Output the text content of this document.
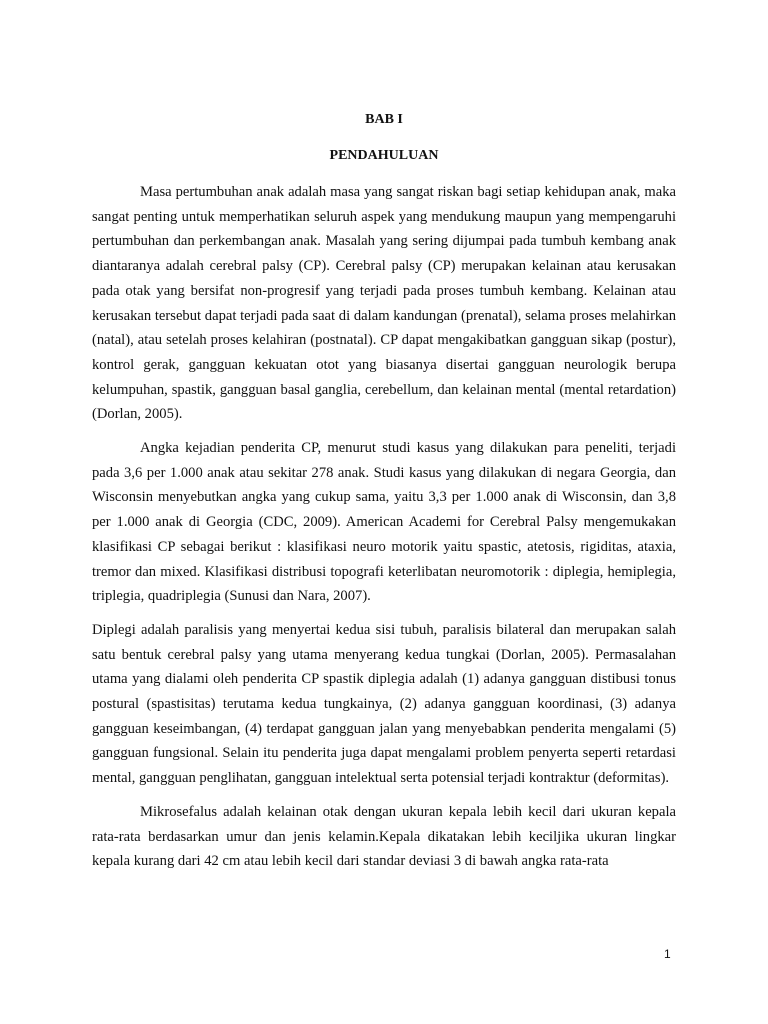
BAB I

PENDAHULUAN

Masa pertumbuhan anak adalah masa yang sangat riskan bagi setiap kehidupan anak, maka sangat penting untuk memperhatikan seluruh aspek yang mendukung maupun yang mempengaruhi pertumbuhan dan perkembangan anak. Masalah yang sering dijumpai pada tumbuh kembang anak diantaranya adalah cerebral palsy (CP). Cerebral palsy (CP) merupakan kelainan atau kerusakan pada otak yang bersifat non-progresif yang terjadi pada proses tumbuh kembang. Kelainan atau kerusakan tersebut dapat terjadi pada saat di dalam kandungan (prenatal), selama proses melahirkan (natal), atau setelah proses kelahiran (postnatal). CP dapat mengakibatkan gangguan sikap (postur), kontrol gerak, gangguan kekuatan otot yang biasanya disertai gangguan neurologik berupa kelumpuhan, spastik, gangguan basal ganglia, cerebellum, dan kelainan mental (mental retardation) (Dorlan, 2005).

Angka kejadian penderita CP, menurut studi kasus yang dilakukan para peneliti, terjadi pada 3,6 per 1.000 anak atau sekitar 278 anak. Studi kasus yang dilakukan di negara Georgia, dan Wisconsin menyebutkan angka yang cukup sama, yaitu 3,3 per 1.000 anak di Wisconsin, dan 3,8 per 1.000 anak di Georgia (CDC, 2009). American Academi for Cerebral Palsy mengemukakan klasifikasi CP sebagai berikut : klasifikasi neuro motorik yaitu spastic, atetosis, rigiditas, ataxia, tremor dan mixed. Klasifikasi distribusi topografi keterlibatan neuromotorik : diplegia, hemiplegia, triplegia, quadriplegia (Sunusi dan Nara, 2007).

Diplegi adalah paralisis yang menyertai kedua sisi tubuh, paralisis bilateral dan merupakan salah satu bentuk cerebral palsy yang utama menyerang kedua tungkai (Dorlan, 2005). Permasalahan utama yang dialami oleh penderita CP spastik diplegia adalah (1) adanya gangguan distibusi tonus postural (spastisitas) terutama kedua tungkainya, (2) adanya gangguan koordinasi, (3) adanya gangguan keseimbangan, (4) terdapat gangguan jalan yang menyebabkan penderita mengalami (5) gangguan fungsional. Selain itu penderita juga dapat mengalami problem penyerta seperti retardasi mental, gangguan penglihatan, gangguan intelektual serta potensial terjadi kontraktur (deformitas).

Mikrosefalus adalah kelainan otak dengan ukuran kepala lebih kecil dari ukuran kepala rata-rata berdasarkan umur dan jenis kelamin.Kepala dikatakan lebih keciljika ukuran lingkar kepala kurang dari 42 cm atau lebih kecil dari standar deviasi 3 di bawah angka rata-rata

1
